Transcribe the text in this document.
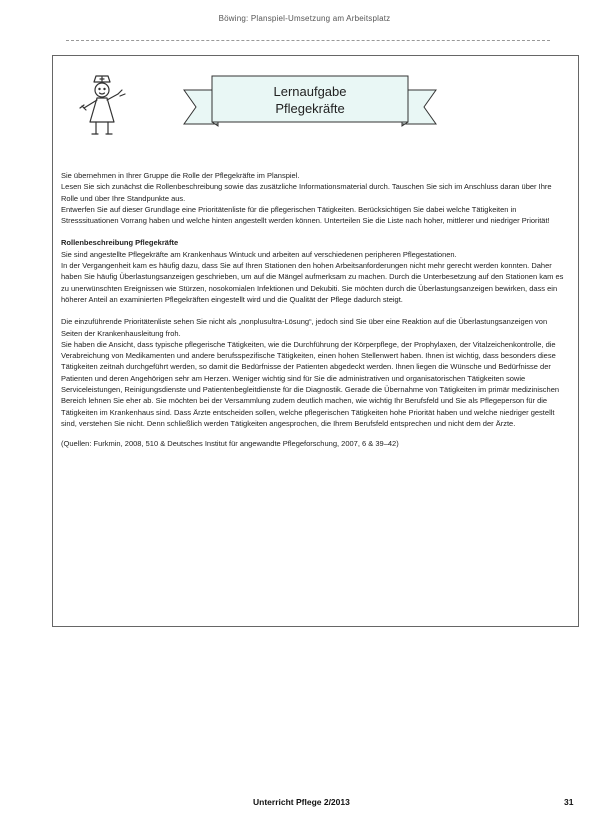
Böwing: Planspiel-Umsetzung am Arbeitsplatz
Lernaufgabe
Pflegekräfte

Sie übernehmen in Ihrer Gruppe die Rolle der Pflegekräfte im Planspiel.

Lesen Sie sich zunächst die Rollenbeschreibung sowie das zusätzliche Informationsmaterial durch. Tauschen Sie sich im Anschluss daran über Ihre Rolle und über Ihre Standpunkte aus.

Entwerfen Sie auf dieser Grundlage eine Prioritätenliste für die pflegerischen Tätigkeiten. Berücksichtigen Sie dabei welche Tätigkeiten in Stresssituationen Vorrang haben und welche hinten angestellt werden können. Unterteilen Sie die Liste nach hoher, mittlerer und niedriger Priorität!

Rollenbeschreibung Pflegekräfte

Sie sind angestellte Pflegekräfte am Krankenhaus Wintuck und arbeiten auf verschiedenen peripheren Pflegestationen.

In der Vergangenheit kam es häufig dazu, dass Sie auf Ihren Stationen den hohen Arbeitsanforderungen nicht mehr gerecht werden konnten. Daher haben Sie häufig Überlastungsanzeigen geschrieben, um auf die Mängel aufmerksam zu machen. Durch die Unterbesetzung auf den Stationen kam es zu unerwünschten Ereignissen wie Stürzen, nosokomialen Infektionen und Dekubiti. Sie möchten durch die Überlastungsanzeigen bewirken, dass ein höherer Anteil an examinierten Pflegekräften eingestellt wird und die Qualität der Pflege dadurch steigt.

Die einzuführende Prioritätenliste sehen Sie nicht als „nonplusultra-Lösung“, jedoch sind Sie über eine Reaktion auf die Überlastungsanzeigen von Seiten der Krankenhausleitung froh.

Sie haben die Ansicht, dass typische pflegerische Tätigkeiten, wie die Durchführung der Körperpflege, der Prophylaxen, der Vitalzeichenkontrolle, die Verabreichung von Medikamenten und andere berufsspezifische Tätigkeiten, einen hohen Stellenwert haben. Ihnen ist wichtig, dass besonders diese Tätigkeiten zeitnah durchgeführt werden, so damit die Bedürfnisse der Patienten abgedeckt werden. Ihnen liegen die Wünsche und Bedürfnisse der Patienten und deren Angehörigen sehr am Herzen. Weniger wichtig sind für Sie die administrativen und organisatorischen Tätigkeiten sowie Serviceleistungen, Reinigungsdienste und Patientenbegleitdienste für die Diagnostik. Gerade die Übernahme von Tätigkeiten im primär medizinischen Bereich lehnen Sie eher ab. Sie möchten bei der Versammlung zudem deutlich machen, wie wichtig Ihr Berufsfeld und Sie als Pflegeperson für die Tätigkeiten im Krankenhaus sind. Dass Ärzte entscheiden sollen, welche pflegerischen Tätigkeiten hohe Priorität haben und welche niedriger gestellt sind, verstehen Sie nicht. Denn schließlich werden Tätigkeiten angesprochen, die Ihrem Berufsfeld entsprechen und nicht dem der Ärzte.

(Quellen: Furkmin, 2008, 510 & Deutsches Institut für angewandte Pflegeforschung, 2007, 6 & 39–42)

Unterricht Pflege 2/2013	31
